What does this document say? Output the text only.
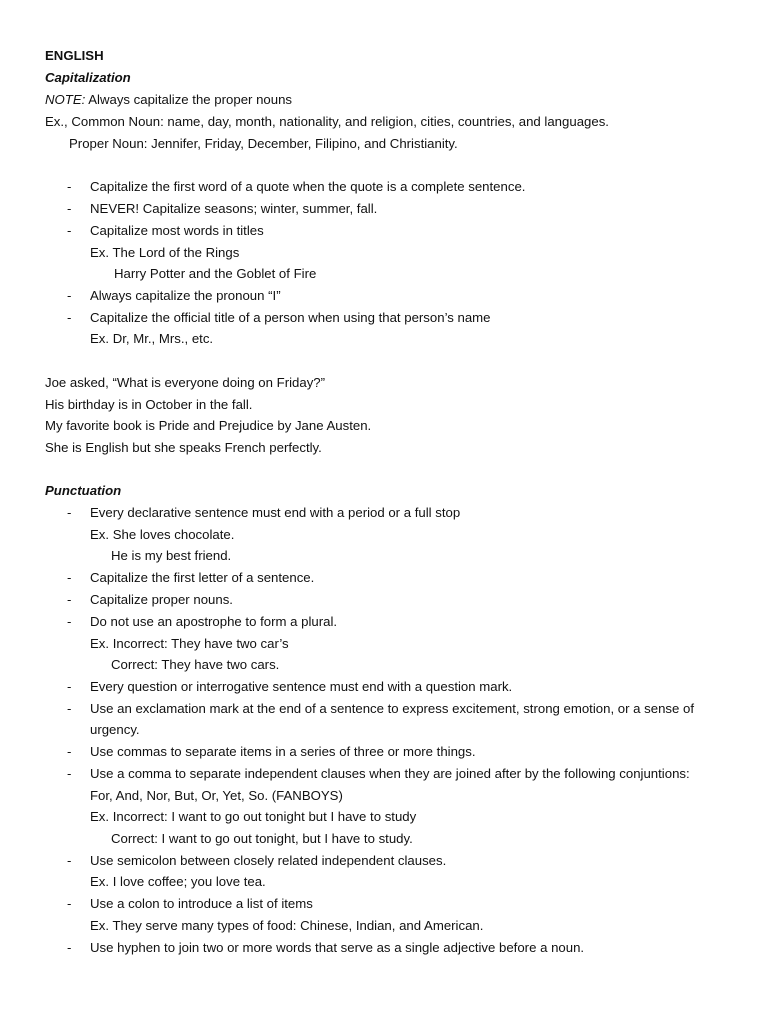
ENGLISH
Capitalization
NOTE: Always capitalize the proper nouns
Ex., Common Noun: name, day, month, nationality, and religion, cities, countries, and languages.
Proper Noun: Jennifer, Friday, December, Filipino, and Christianity.
- Capitalize the first word of a quote when the quote is a complete sentence.
- NEVER! Capitalize seasons; winter, summer, fall.
- Capitalize most words in titles
Ex. The Lord of the Rings
Harry Potter and the Goblet of Fire
- Always capitalize the pronoun “I”
- Capitalize the official title of a person when using that person’s name
Ex. Dr, Mr., Mrs., etc.
Joe asked, “What is everyone doing on Friday?”
His birthday is in October in the fall.
My favorite book is Pride and Prejudice by Jane Austen.
She is English but she speaks French perfectly.
Punctuation
- Every declarative sentence must end with a period or a full stop
Ex. She loves chocolate.
He is my best friend.
- Capitalize the first letter of a sentence.
- Capitalize proper nouns.
- Do not use an apostrophe to form a plural.
Ex. Incorrect: They have two car’s
Correct: They have two cars.
- Every question or interrogative sentence must end with a question mark.
- Use an exclamation mark at the end of a sentence to express excitement, strong emotion, or a sense of
urgency.
- Use commas to separate items in a series of three or more things.
- Use a comma to separate independent clauses when they are joined after by the following conjuntions:
For, And, Nor, But, Or, Yet, So. (FANBOYS)
Ex. Incorrect: I want to go out tonight but I have to study
Correct: I want to go out tonight, but I have to study.
- Use semicolon between closely related independent clauses.
Ex. I love coffee; you love tea.
- Use a colon to introduce a list of items
Ex. They serve many types of food: Chinese, Indian, and American.
- Use hyphen to join two or more words that serve as a single adjective before a noun.
